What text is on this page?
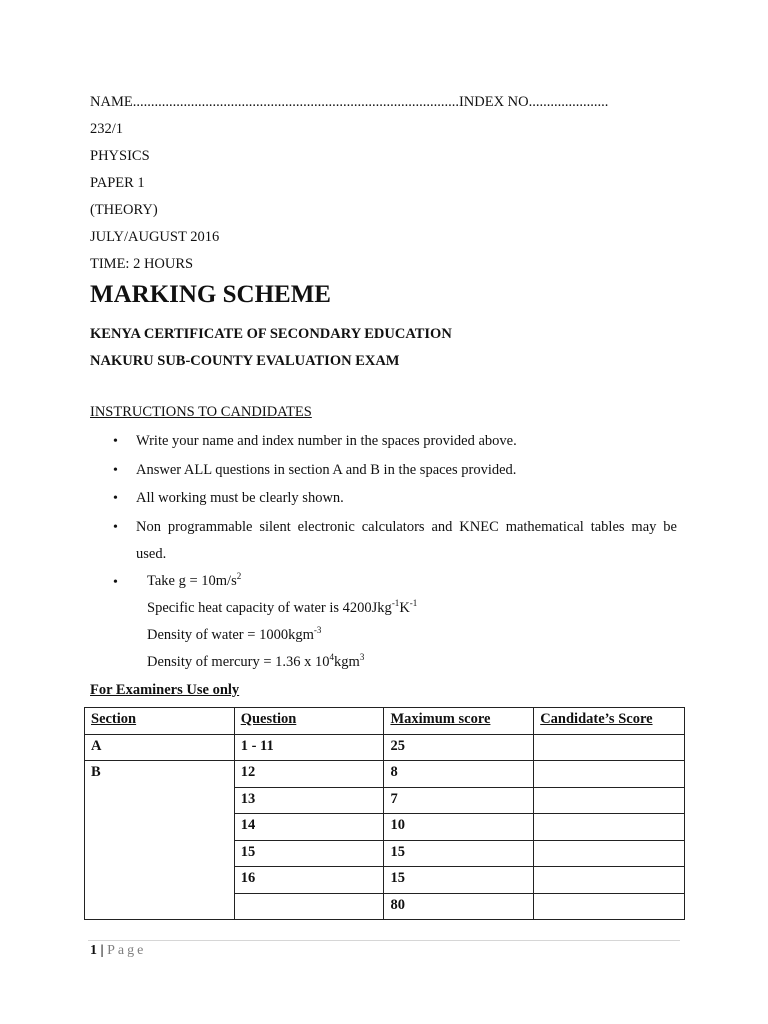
NAME..........................................................................................INDEX NO......................
232/1
PHYSICS
PAPER 1
(THEORY)
JULY/AUGUST 2016
TIME: 2 HOURS
MARKING SCHEME
KENYA CERTIFICATE OF SECONDARY EDUCATION
NAKURU SUB-COUNTY EVALUATION EXAM
INSTRUCTIONS TO CANDIDATES
• Write your name and index number in the spaces provided above.
• Answer ALL questions in section A and B in the spaces provided.
• All working must be clearly shown.
• Non programmable silent electronic calculators and KNEC mathematical tables may be
used.
• Take $g = 10m/s^2$
Specific heat capacity of water is $4200Jkg^{-1}K^{-1}$
Density of water = 1000kgm$^{-3}$
Density of mercury = 1.36 x $10^4kgm^3$
For Examiners Use only
Section	Question	Maximum score	Candidate’s Score
A	1 - 11	25	
B	12	8	
	13	7	
	14	10	
	15	15	
	16	15	
		80	
1 | Page
